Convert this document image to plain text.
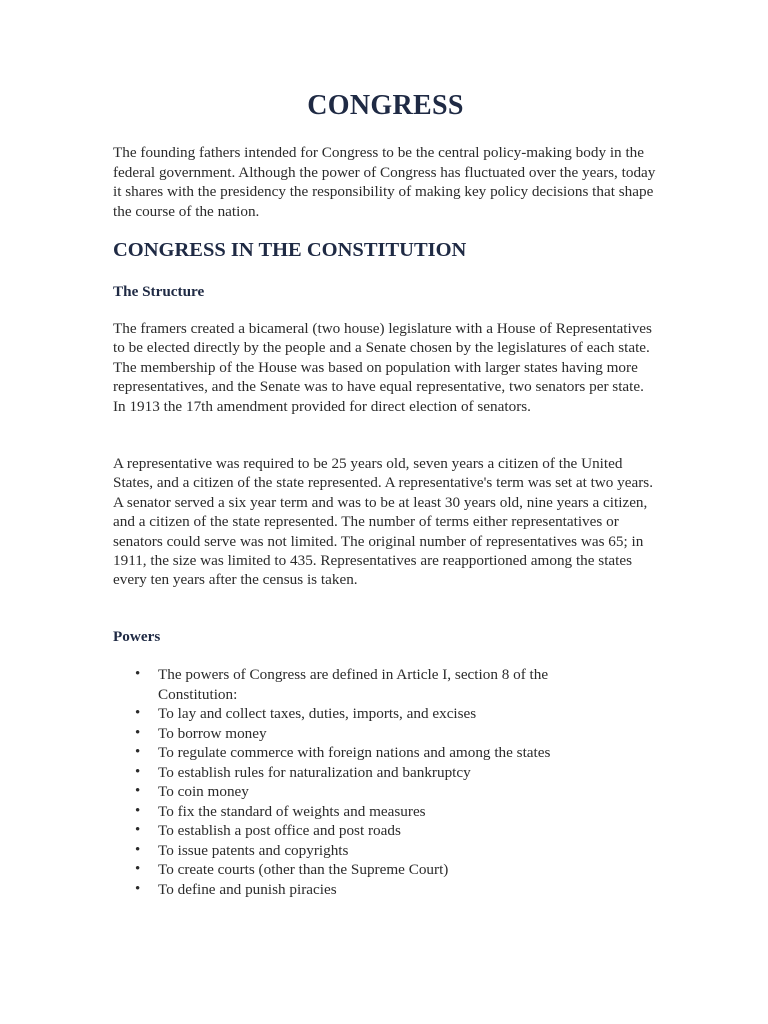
CONGRESS

The founding fathers intended for Congress to be the central policy-making body in the federal government. Although the power of Congress has fluctuated over the years, today it shares with the presidency the responsibility of making key policy decisions that shape the course of the nation.

CONGRESS IN THE CONSTITUTION
The Structure

The framers created a bicameral (two house) legislature with a House of Representatives to be elected directly by the people and a Senate chosen by the legislatures of each state. The membership of the House was based on population with larger states having more representatives, and the Senate was to have equal representative, two senators per state. In 1913 the 17th amendment provided for direct election of senators.

A representative was required to be 25 years old, seven years a citizen of the United States, and a citizen of the state represented. A representative's term was set at two years. A senator served a six year term and was to be at least 30 years old, nine years a citizen, and a citizen of the state represented. The number of terms either representatives or senators could serve was not limited. The original number of representatives was 65; in 1911, the size was limited to 435. Representatives are reapportioned among the states every ten years after the census is taken.

Powers
• The powers of Congress are defined in Article I, section 8 of the Constitution:
• To lay and collect taxes, duties, imports, and excises
• To borrow money
• To regulate commerce with foreign nations and among the states
• To establish rules for naturalization and bankruptcy
• To coin money
• To fix the standard of weights and measures
• To establish a post office and post roads
• To issue patents and copyrights
• To create courts (other than the Supreme Court)
• To define and punish piracies
